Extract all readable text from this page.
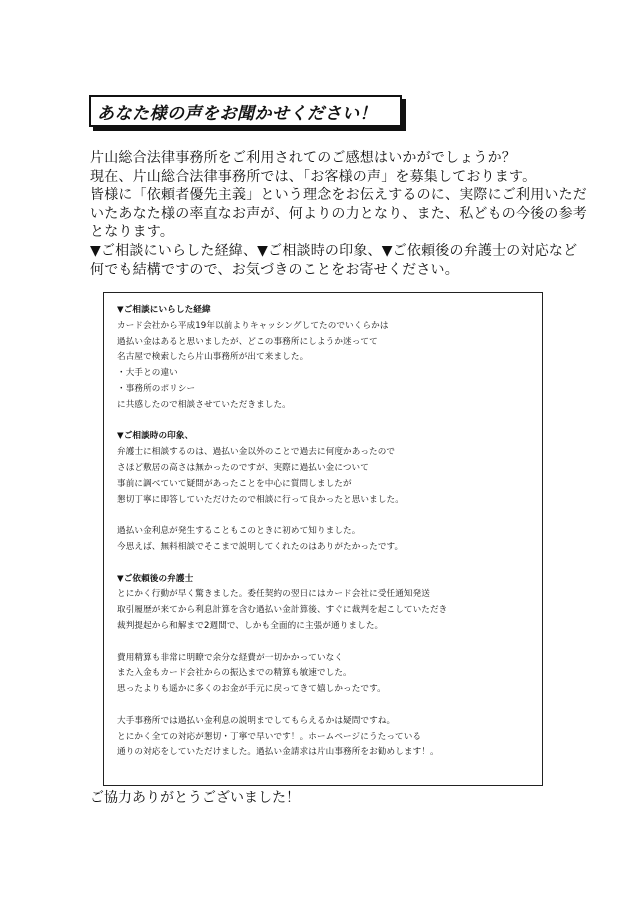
あなた様の声をお聞かせください！
片山総合法律事務所をご利用されてのご感想はいかがでしょうか？
現在、片山総合法律事務所では、「お客様の声」を募集しております。
皆様に「依頼者優先主義」という理念をお伝えするのに、実際にご利用いただ
いたあなた様の率直なお声が、何よりの力となり、また、私どもの今後の参考
となります。
▼ご相談にいらした経緯、▼ご相談時の印象、▼ご依頼後の弁護士の対応など
何でも結構ですので、お気づきのことをお寄せください。
▼ご相談にいらした経緯
カード会社から平成19年以前よりキャッシングしてたのでいくらかは
過払い金はあると思いましたが、どこの事務所にしようか迷ってて
名古屋で検索したら片山事務所が出て来ました。
・大手との違い
・事務所のポリシー
に共感したので相談させていただきました。
▼ご相談時の印象、
弁護士に相談するのは、過払い金以外のことで過去に何度かあったので
さほど敷居の高さは無かったのですが、実際に過払い金について
事前に調べていて疑問があったことを中心に質問しましたが
懇切丁寧に即答していただけたので相談に行って良かったと思いました。
過払い金利息が発生することもこのときに初めて知りました。
今思えば、無料相談でそこまで説明してくれたのはありがたかったです。
▼ご依頼後の弁護士
とにかく行動が早く驚きました。委任契約の翌日にはカード会社に受任通知発送
取引履歴が来てから利息計算を含む過払い金計算後、すぐに裁判を起こしていただき
裁判提起から和解まで2週間で、しかも全面的に主張が通りました。
費用精算も非常に明瞭で余分な経費が一切かかっていなく
また入金もカード会社からの振込までの精算も敏速でした。
思ったよりも遥かに多くのお金が手元に戻ってきて嬉しかったです。
大手事務所では過払い金利息の説明までしてもらえるかは疑問ですね。
とにかく全ての対応が懇切・丁寧で早いです！。ホームページにうたっている
通りの対応をしていただけました。過払い金請求は片山事務所をお勧めします！。
ご協力ありがとうございました！
